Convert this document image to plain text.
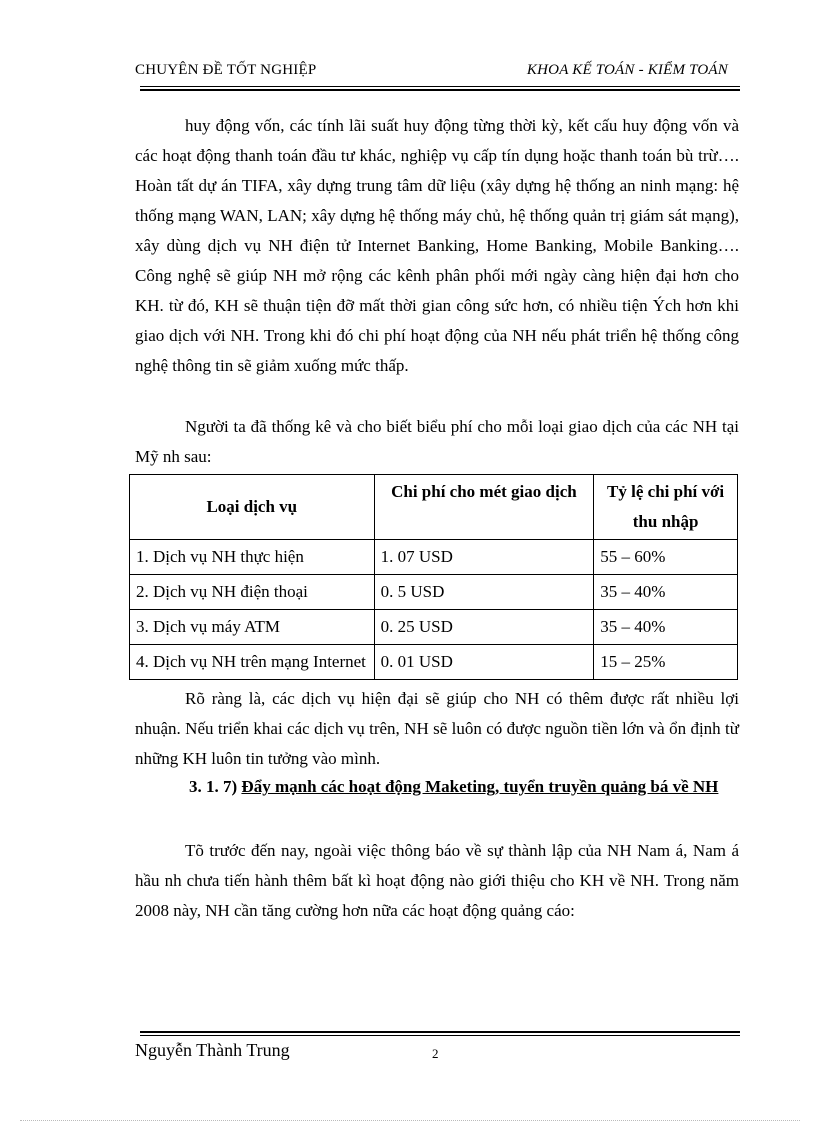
CHUYÊN ĐỀ TỐT NGHIỆP	KHOA KẾ TOÁN - KIỂM TOÁN

huy động vốn, các tính lãi suất huy động từng thời kỳ, kết cấu huy động vốn và các hoạt động thanh toán đầu tư khác, nghiệp vụ cấp tín dụng hoặc thanh toán bù trừ…. Hoàn tất dự án TIFA, xây dựng trung tâm dữ liệu (xây dựng hệ thống an ninh mạng: hệ thống mạng WAN, LAN; xây dựng hệ thống máy chủ, hệ thống quản trị giám sát mạng), xây dùng dịch vụ NH điện tử Internet Banking, Home Banking, Mobile Banking…. Công nghệ sẽ giúp NH mở rộng các kênh phân phối mới ngày càng hiện đại hơn cho KH. từ đó, KH sẽ thuận tiện đỡ mất thời gian công sức hơn, có nhiều tiện Ých hơn khi giao dịch với NH. Trong khi đó chi phí hoạt động của NH nếu phát triển hệ thống công nghệ thông tin sẽ giảm xuống mức thấp.

Người ta đã thống kê và cho biết biểu phí cho mỗi loại giao dịch của các NH tại Mỹ nh sau:

Loại dịch vụ	Chi phí cho mét giao dịch	Tỷ lệ chi phí với thu nhập
1. Dịch vụ NH thực hiện	1. 07 USD	55 – 60%
2. Dịch vụ NH điện thoại	0. 5 USD	35 – 40%
3. Dịch vụ máy ATM	0. 25 USD	35 – 40%
4. Dịch vụ NH trên mạng Internet	0. 01 USD	15 – 25%

Rõ ràng là, các dịch vụ hiện đại sẽ giúp cho NH có thêm được rất nhiều lợi nhuận. Nếu triển khai các dịch vụ trên, NH sẽ luôn có được nguồn tiền lớn và ổn định từ những KH luôn tin tưởng vào mình.

3. 1. 7) Đẩy mạnh các hoạt động Maketing, tuyển truyền quảng bá về NH

Tõ trước đến nay, ngoài việc thông báo về sự thành lập của NH Nam á, Nam á hầu nh chưa tiến hành thêm bất kì hoạt động nào giới thiệu cho KH về NH. Trong năm 2008 này, NH cần tăng cường hơn nữa các hoạt động quảng cáo:

Nguyễn Thành Trung	2
